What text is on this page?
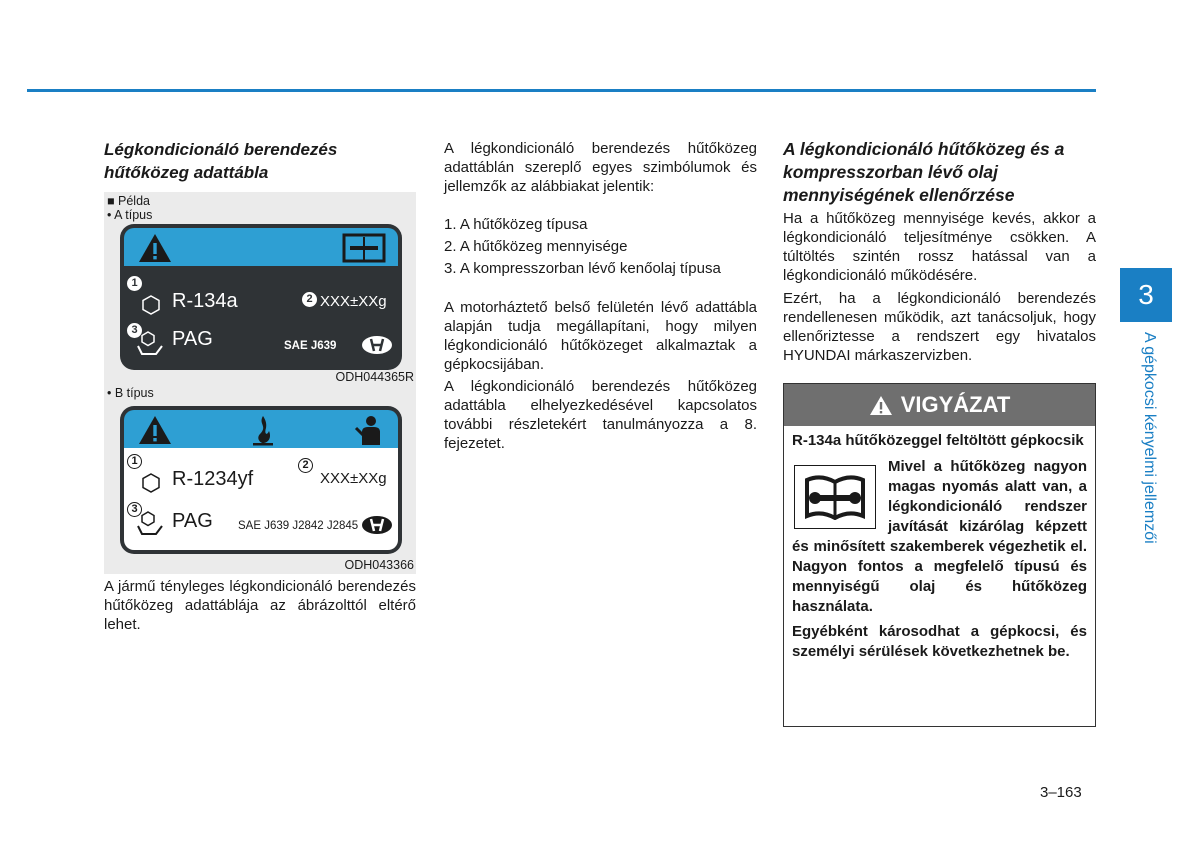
Légkondicionáló berendezés hűtőközeg adattábla
■ Példa
• A típus
1
R-134a	2 XXX±XXg
3 PAG	SAE J639
ODH044365R
• B típus
1
R-1234yf
2
XXX±XXg
3
PAG SAE J639 J2842 J2845
ODH043366
A jármű tényleges légkondicionáló berendezés hűtőközeg adattáblája az ábrázolttól eltérő lehet.

A légkondicionáló berendezés hűtőközeg adattáblán szereplő egyes szimbólumok és jellemzők az alábbiakat jelentik:

1. A hűtőközeg típusa
2. A hűtőközeg mennyisége
3. A kompresszorban lévő kenőolaj típusa

A motorháztető belső felületén lévő adattábla alapján tudja megállapítani, hogy milyen légkondicionáló hűtőközeget alkalmaztak a gépkocsijában.

A légkondicionáló berendezés hűtőközeg adattábla elhelyezkedésével kapcsolatos további részletekért tanulmányozza a 8. fejezetet.

A légkondicionáló hűtőközeg és a kompresszorban lévő olaj mennyiségének ellenőrzése

Ha a hűtőközeg mennyisége kevés, akkor a légkondicionáló teljesítménye csökken. A túltöltés szintén rossz hatással van a légkondicionáló működésére.

Ezért, ha a légkondicionáló berendezés rendellenesen működik, azt tanácsoljuk, hogy ellenőriztesse a rendszert egy hivatalos HYUNDAI márkaszervizben.

VIGYÁZAT
R-134a hűtőközeggel feltöltött gépkocsik
Mivel a hűtőközeg nagyon magas nyomás alatt van, a légkondicionáló rendszer javítását kizárólag képzett és minősített szakemberek végezhetik el. Nagyon fontos a megfelelő típusú és mennyiségű olaj és hűtőközeg használata.
Egyébként károsodhat a gépkocsi, és személyi sérülések következhetnek be.
3
A gépkocsi kényelmi jellemzői
3–163
